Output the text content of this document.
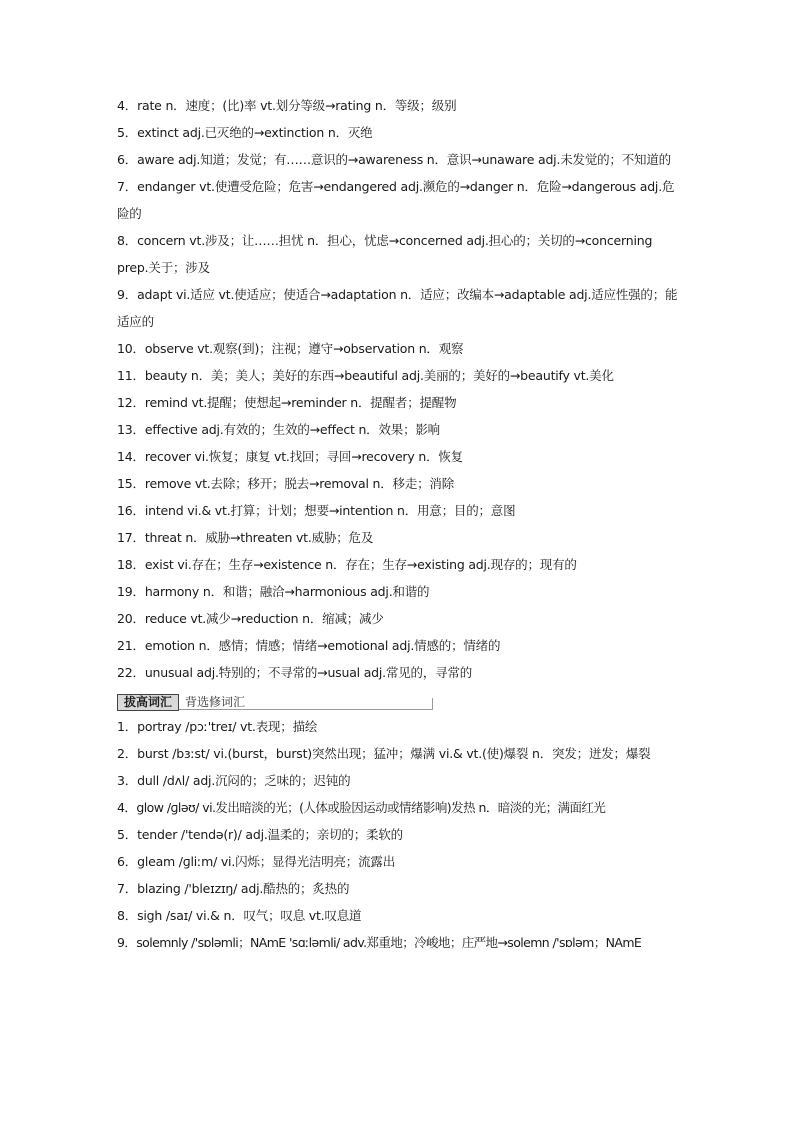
4．rate n．速度；(比)率 vt.划分等级→rating n．等级；级别
5．extinct adj.已灭绝的→extinction n．灭绝
6．aware adj.知道；发觉；有……意识的→awareness n．意识→unaware adj.未发觉的；不知道的
7．endanger vt.使遭受危险；危害→endangered adj.濒危的→danger n．危险→dangerous adj.危险的
8．concern vt.涉及；让……担忧 n．担心，忧虑→concerned adj.担心的；关切的→concerning prep.关于；涉及
9．adapt vi.适应 vt.使适应；使适合→adaptation n．适应；改编本→adaptable adj.适应性强的；能适应的
10．observe vt.观察(到)；注视；遵守→observation n．观察
11．beauty n．美；美人；美好的东西→beautiful adj.美丽的；美好的→beautify vt.美化
12．remind vt.提醒；使想起→reminder n．提醒者；提醒物
13．effective adj.有效的；生效的→effect n．效果；影响
14．recover vi.恢复；康复 vt.找回；寻回→recovery n．恢复
15．remove vt.去除；移开；脱去→removal n．移走；消除
16．intend vi.& vt.打算；计划；想要→intention n．用意；目的；意图
17．threat n．威胁→threaten vt.威胁；危及
18．exist vi.存在；生存→existence n．存在；生存→existing adj.现存的；现有的
19．harmony n．和谐；融洽→harmonious adj.和谐的
20．reduce vt.减少→reduction n．缩减；减少
21．emotion n．感情；情感；情绪→emotional adj.情感的；情绪的
22．unusual adj.特别的；不寻常的→usual adj.常见的，寻常的
拔高词汇 背选修词汇
1．portray /pɔː'treɪ/ vt.表现；描绘
2．burst /bɜːst/ vi.(burst，burst)突然出现；猛冲；爆满 vi.& vt.(使)爆裂 n．突发；迸发；爆裂
3．dull /dʌl/ adj.沉闷的；乏味的；迟钝的
4．glow /ɡləʊ/ vi.发出暗淡的光；(人体或脸因运动或情绪影响)发热 n．暗淡的光；满面红光
5．tender /'tendə(r)/ adj.温柔的；亲切的；柔软的
6．gleam /ɡliːm/ vi.闪烁；显得光洁明亮；流露出
7．blazing /'bleɪzɪŋ/ adj.酷热的；炙热的
8．sigh /saɪ/ vi.& n．叹气；叹息 vt.叹息道
9．solemnly /'sɒləmli；NAmE 'sɑːləmli/ adv.郑重地；冷峻地；庄严地→solemn /'sɒləm；NAmE
